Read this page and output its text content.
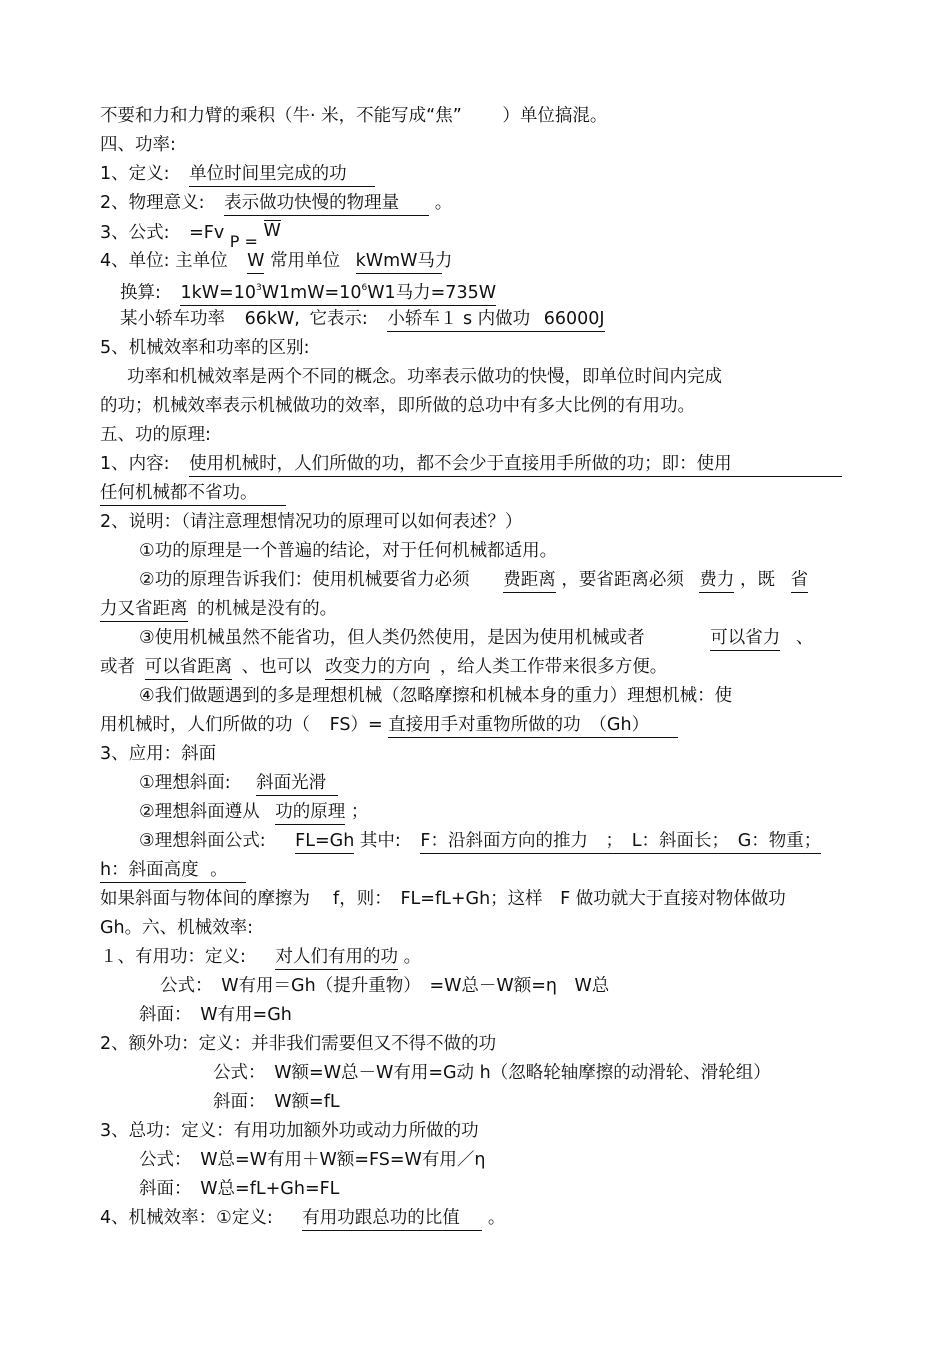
不要和力和力臂的乘积（牛· 米，不能写成“焦”　　 ）单位搞混。
四、功率:
1、定义: 单位时间里完成的功
2、物理意义: 表示做功快慢的物理量 。
3、公式: =Fv P = W
4、单位: 主单位 W 常用单位 kWmW马力
换算: $1kW=10^3W1mW=10^6W1$马力=735W
某小轿车功率 66kW, 它表示: 小轿车１ s 内做功 66000J
5、机械效率和功率的区别:
功率和机械效率是两个不同的概念。功率表示做功的快慢，即单位时间内完成
的功；机械效率表示机械做功的效率，即所做的总功中有多大比例的有用功。
五、功的原理:
1、内容: 使用机械时，人们所做的功，都不会少于直接用手所做的功；即：使用
任何机械都不省功。
2、说明：（请注意理想情况功的原理可以如何表述？）
①功的原理是一个普遍的结论，对于任何机械都适用。
②功的原理告诉我们：使用机械要省力必须 费距离 ，要省距离必须 费力 ，既 省
力又省距离 的机械是没有的。
③使用机械虽然不能省功，但人类仍然使用，是因为使用机械或者	可以省力 、
或者 可以省距离 、也可以 改变力的方向 ，给人类工作带来很多方便。
④我们做题遇到的多是理想机械（忽略摩擦和机械本身的重力）理想机械：使
用机械时，人们所做的功（ FS）= 直接用手对重物所做的功　（Gh）
3、应用：斜面
①理想斜面: 斜面光滑
②理想斜面遵从 功的原理 ；
③理想斜面公式: FL=Gh 其中: F：沿斜面方向的推力　；　L：斜面长；　G：物重；
h：斜面高度 。
如果斜面与物体间的摩擦为　 f，则：　FL=fL+Gh；这样　F 做功就大于直接对物体做功
Gh。六、机械效率:
１、有用功：定义: 对人们有用的功 。
公式：　W有用＝Gh（提升重物）　=W总－W额=η　W总
斜面：　W有用=Gh
2、额外功：定义：并非我们需要但又不得不做的功
公式：　W额=W总－W有用=G动 h（忽略轮轴摩擦的动滑轮、滑轮组）
斜面：　W额=fL
3、总功：定义：有用功加额外功或动力所做的功
公式：　W总=W有用＋W额=FS=W有用／η
斜面：　W总=fL+Gh=FL
4、机械效率：①定义: 有用功跟总功的比值 。
